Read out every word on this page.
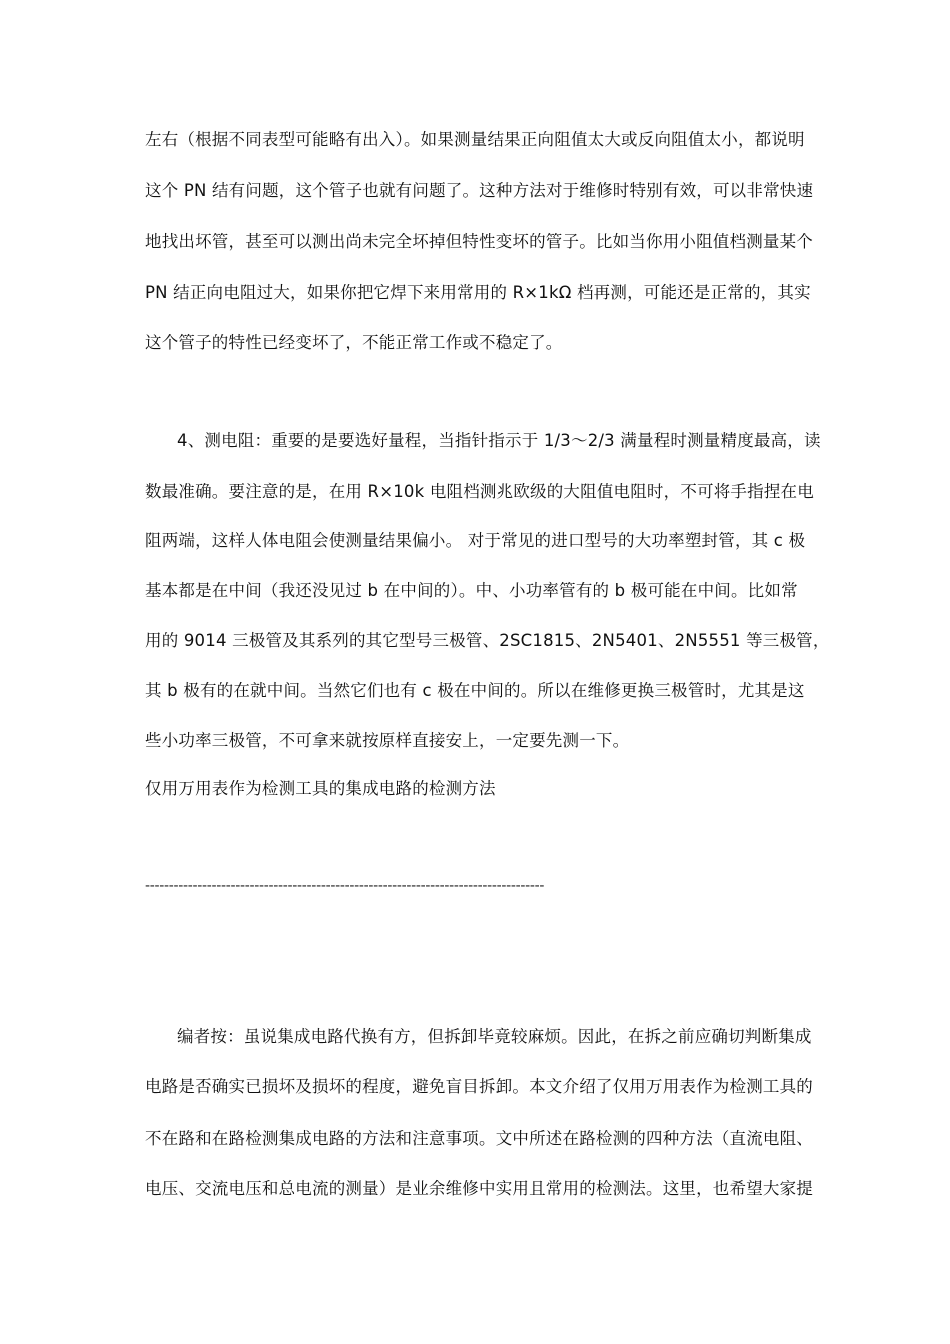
左右（根据不同表型可能略有出入）。如果测量结果正向阻值太大或反向阻值太小，都说明
这个 PN 结有问题，这个管子也就有问题了。这种方法对于维修时特别有效，可以非常快速
地找出坏管，甚至可以测出尚未完全坏掉但特性变坏的管子。比如当你用小阻值档测量某个
PN 结正向电阻过大，如果你把它焊下来用常用的 R×1kΩ 档再测，可能还是正常的，其实
这个管子的特性已经变坏了，不能正常工作或不稳定了。
4、测电阻：重要的是要选好量程，当指针指示于 1/3～2/3 满量程时测量精度最高，读
数最准确。要注意的是，在用 R×10k 电阻档测兆欧级的大阻值电阻时，不可将手指捏在电
阻两端，这样人体电阻会使测量结果偏小。 对于常见的进口型号的大功率塑封管，其 c 极
基本都是在中间（我还没见过 b 在中间的）。中、小功率管有的 b 极可能在中间。比如常
用的 9014 三极管及其系列的其它型号三极管、2SC1815、2N5401、2N5551 等三极管，
其 b 极有的在就中间。当然它们也有 c 极在中间的。所以在维修更换三极管时，尤其是这
些小功率三极管，不可拿来就按原样直接安上，一定要先测一下。
仅用万用表作为检测工具的集成电路的检测方法
------------------------------------------------------------------------------------
编者按：虽说集成电路代换有方，但拆卸毕竟较麻烦。因此，在拆之前应确切判断集成
电路是否确实已损坏及损坏的程度，避免盲目拆卸。本文介绍了仅用万用表作为检测工具的
不在路和在路检测集成电路的方法和注意事项。文中所述在路检测的四种方法（直流电阻、
电压、交流电压和总电流的测量）是业余维修中实用且常用的检测法。这里，也希望大家提
